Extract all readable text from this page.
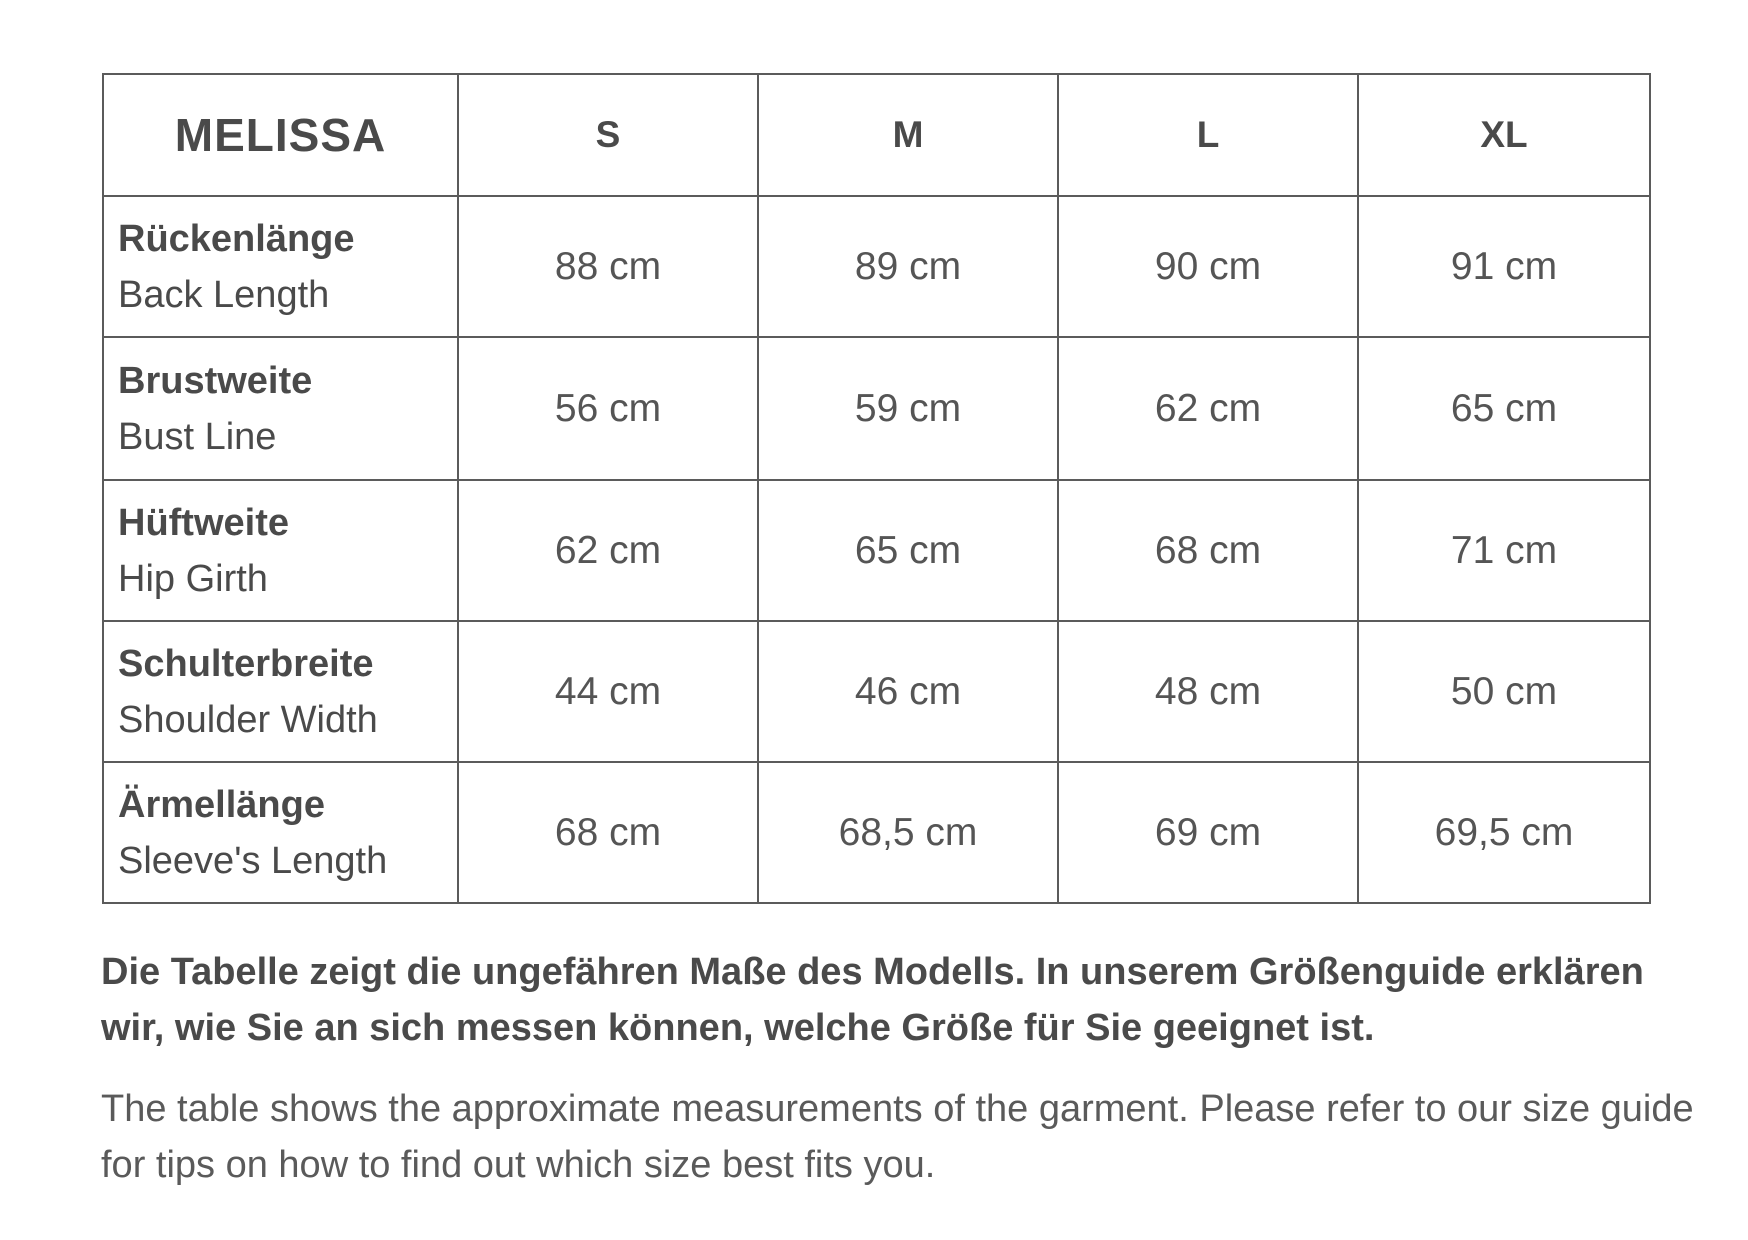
MELISSA	S	M	L	XL

Rückenlänge
Back Length	88 cm	89 cm	90 cm	91 cm

Brustweite
Bust Line	56 cm	59 cm	62 cm	65 cm

Hüftweite
Hip Girth	62 cm	65 cm	68 cm	71 cm

Schulterbreite
Shoulder Width	44 cm	46 cm	48 cm	50 cm

Ärmellänge
Sleeve's Length	68 cm	68,5 cm	69 cm	69,5 cm

Die Tabelle zeigt die ungefähren Maße des Modells. In unserem Größenguide erklären wir, wie Sie an sich messen können, welche Größe für Sie geeignet ist.

The table shows the approximate measurements of the garment. Please refer to our size guide for tips on how to find out which size best fits you.
